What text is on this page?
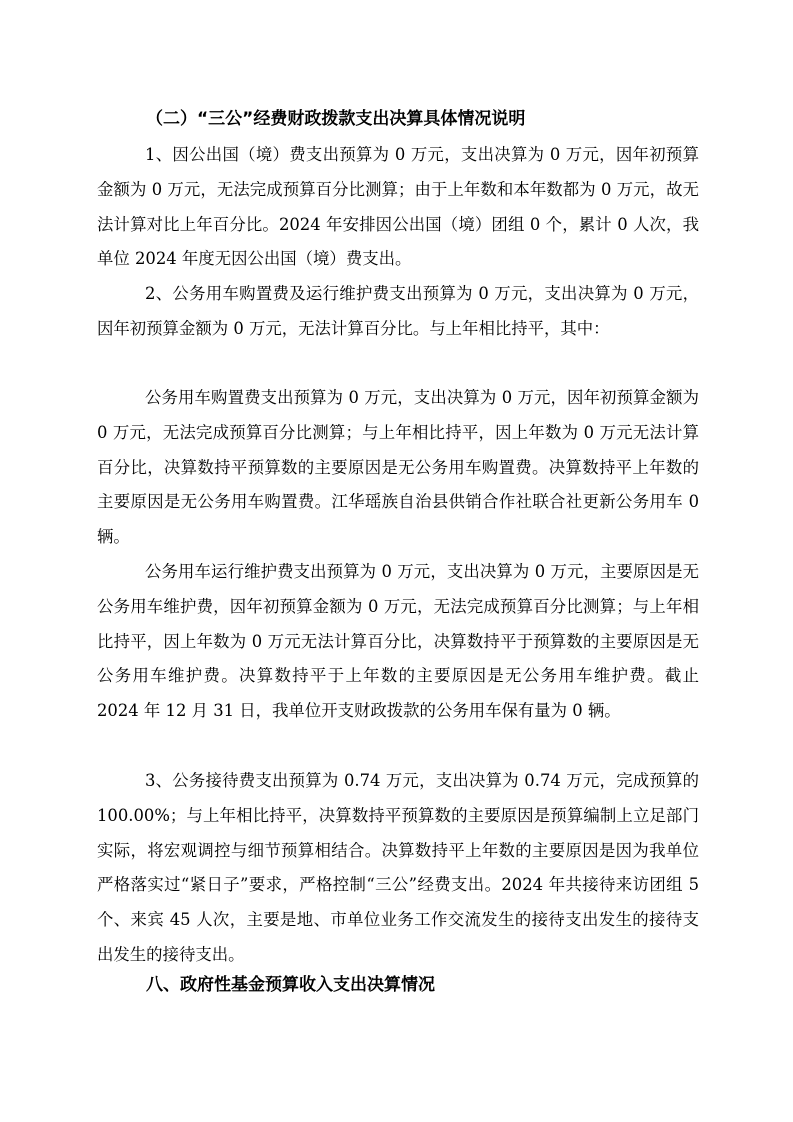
（二）“三公”经费财政拨款支出决算具体情况说明

1、因公出国（境）费支出预算为 0 万元，支出决算为 0 万元，因年初预算金额为 0 万元，无法完成预算百分比测算；由于上年数和本年数都为 0 万元，故无法计算对比上年百分比。2024 年安排因公出国（境）团组 0 个，累计 0 人次，我单位 2024 年度无因公出国（境）费支出。

2、公务用车购置费及运行维护费支出预算为 0 万元，支出决算为 0 万元，因年初预算金额为 0 万元，无法计算百分比。与上年相比持平，其中：

公务用车购置费支出预算为 0 万元，支出决算为 0 万元，因年初预算金额为 0 万元，无法完成预算百分比测算；与上年相比持平，因上年数为 0 万元无法计算百分比，决算数持平预算数的主要原因是无公务用车购置费。决算数持平上年数的主要原因是无公务用车购置费。江华瑶族自治县供销合作社联合社更新公务用车 0 辆。

公务用车运行维护费支出预算为 0 万元，支出决算为 0 万元，主要原因是无公务用车维护费，因年初预算金额为 0 万元，无法完成预算百分比测算；与上年相比持平，因上年数为 0 万元无法计算百分比，决算数持平于预算数的主要原因是无公务用车维护费。决算数持平于上年数的主要原因是无公务用车维护费。截止 2024 年 12 月 31 日，我单位开支财政拨款的公务用车保有量为 0 辆。

3、公务接待费支出预算为 0.74 万元，支出决算为 0.74 万元，完成预算的 100.00%；与上年相比持平，决算数持平预算数的主要原因是预算编制上立足部门实际，将宏观调控与细节预算相结合。决算数持平上年数的主要原因是因为我单位严格落实过“紧日子”要求，严格控制“三公”经费支出。2024 年共接待来访团组 5 个、来宾 45 人次，主要是地、市单位业务工作交流发生的接待支出发生的接待支出发生的接待支出。

八、政府性基金预算收入支出决算情况
